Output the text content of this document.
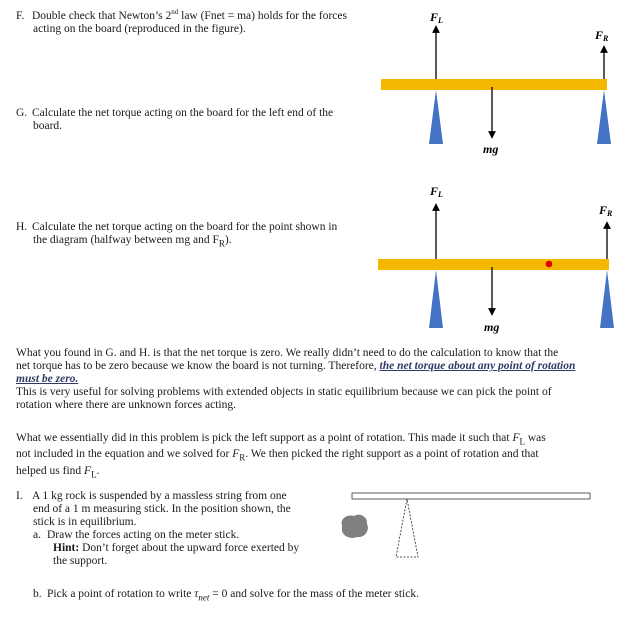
F. Double check that Newton’s 2nd law (Fnet = ma) holds for the forces
acting on the board (reproduced in the figure).
G. Calculate the net torque acting on the board for the left end of the
board.
H. Calculate the net torque acting on the board for the point shown in
the diagram (halfway between mg and $F_R$).
FL
FR
mg
FL
FR
mg
What you found in G. and H. is that the net torque is zero. We really didn’t need to do the calculation to know that the
net torque has to be zero because we know the board is not turning. Therefore, the net torque about any point of rotation
must be zero.
This is very useful for solving problems with extended objects in static equilibrium because we can pick the point of
rotation where there are unknown forces acting.
What we essentially did in this problem is pick the left support as a point of rotation. This made it such that $F_L$ was
not included in the equation and we solved for $F_R$. We then picked the right support as a point of rotation and that
helped us find $F_L$.
I. A 1 kg rock is suspended by a massless string from one
end of a 1 m measuring stick. In the position shown, the
stick is in equilibrium.
a. Draw the forces acting on the meter stick.
Hint: Don’t forget about the upward force exerted by
the support.
b. Pick a point of rotation to write $\tau_{net} = 0$ and solve for the mass of the meter stick.
